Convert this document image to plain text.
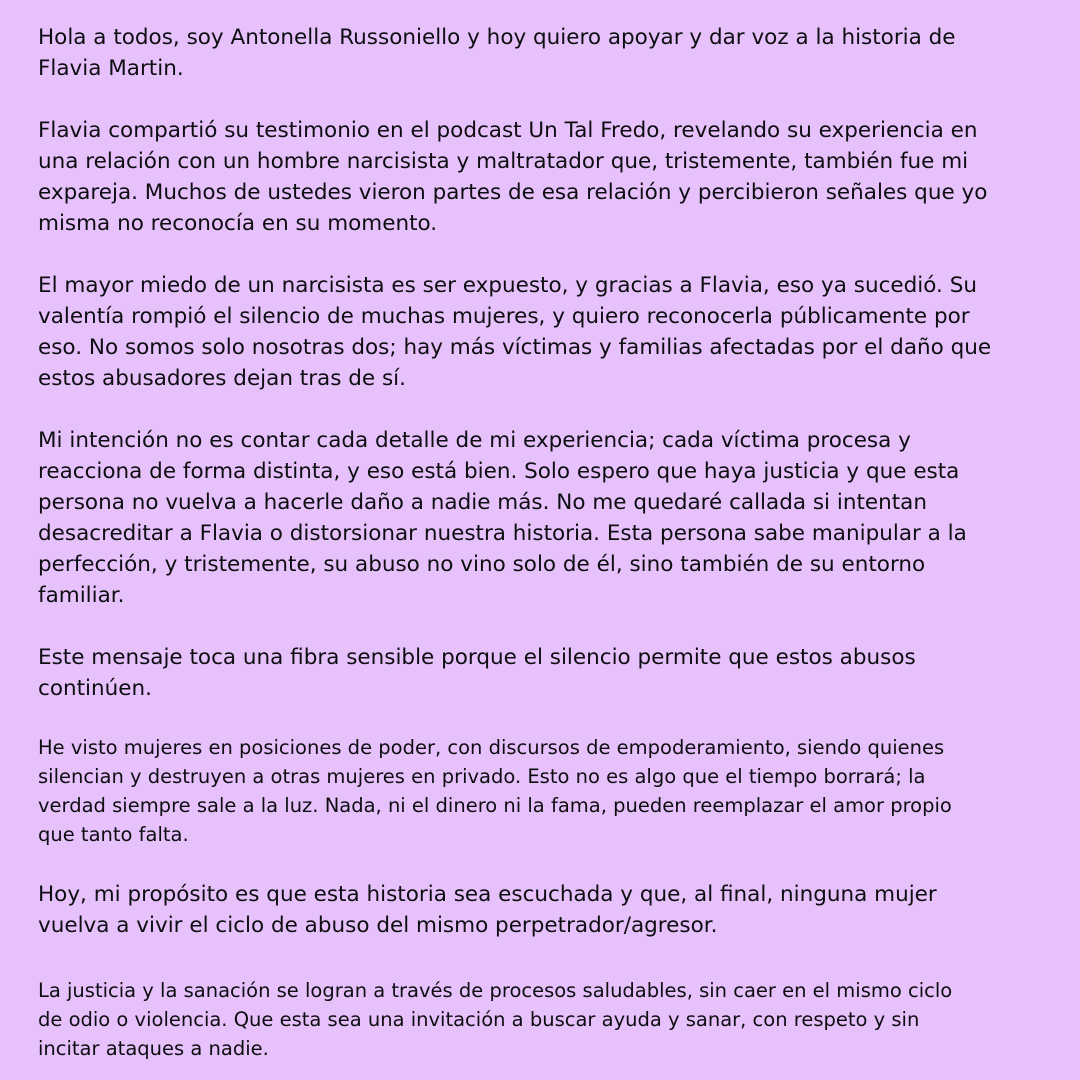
Hola a todos, soy Antonella Russoniello y hoy quiero apoyar y dar voz a la historia de
Flavia Martin.

Flavia compartió su testimonio en el podcast Un Tal Fredo, revelando su experiencia en
una relación con un hombre narcisista y maltratador que, tristemente, también fue mi
expareja. Muchos de ustedes vieron partes de esa relación y percibieron señales que yo
misma no reconocía en su momento.

El mayor miedo de un narcisista es ser expuesto, y gracias a Flavia, eso ya sucedió. Su
valentía rompió el silencio de muchas mujeres, y quiero reconocerla públicamente por
eso. No somos solo nosotras dos; hay más víctimas y familias afectadas por el daño que
estos abusadores dejan tras de sí.

Mi intención no es contar cada detalle de mi experiencia; cada víctima procesa y
reacciona de forma distinta, y eso está bien. Solo espero que haya justicia y que esta
persona no vuelva a hacerle daño a nadie más. No me quedaré callada si intentan
desacreditar a Flavia o distorsionar nuestra historia. Esta persona sabe manipular a la
perfección, y tristemente, su abuso no vino solo de él, sino también de su entorno
familiar.

Este mensaje toca una fibra sensible porque el silencio permite que estos abusos
continúen.

He visto mujeres en posiciones de poder, con discursos de empoderamiento, siendo quienes
silencian y destruyen a otras mujeres en privado. Esto no es algo que el tiempo borrará; la
verdad siempre sale a la luz. Nada, ni el dinero ni la fama, pueden reemplazar el amor propio
que tanto falta.

Hoy, mi propósito es que esta historia sea escuchada y que, al final, ninguna mujer
vuelva a vivir el ciclo de abuso del mismo perpetrador/agresor.

La justicia y la sanación se logran a través de procesos saludables, sin caer en el mismo ciclo
de odio o violencia. Que esta sea una invitación a buscar ayuda y sanar, con respeto y sin
incitar ataques a nadie.
